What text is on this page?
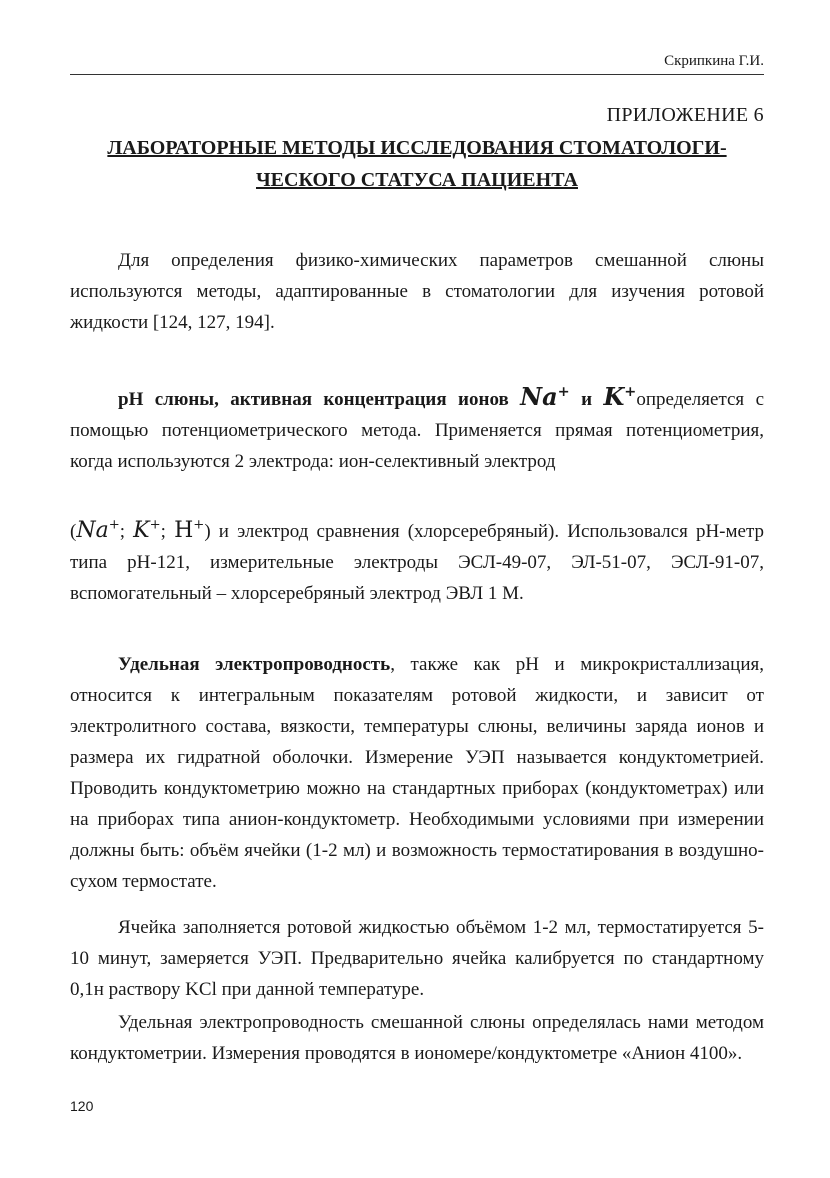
Скрипкина Г.И.
ПРИЛОЖЕНИЕ 6
ЛАБОРАТОРНЫЕ МЕТОДЫ ИССЛЕДОВАНИЯ СТОМАТОЛОГИ-
ЧЕСКОГО СТАТУСА ПАЦИЕНТА

Для определения физико-химических параметров смешанной слюны используются методы, адаптированные в стоматологии для изучения ротовой жидкости [124, 127, 194].

рН слюны, активная концентрация ионов Na+ и K+определяется с помощью потенциометрического метода. Применяется прямая потенциометрия, когда используются 2 электрода: ион-селективный электрод

(Na+; K+; H+) и электрод сравнения (хлорсеребряный). Использовался рН-метр типа рН-121, измерительные электроды ЭСЛ-49-07, ЭЛ-51-07, ЭСЛ-91-07, вспомогательный – хлорсеребряный электрод ЭВЛ 1 М.

Удельная электропроводность, также как рН и микрокристаллизация, относится к интегральным показателям ротовой жидкости, и зависит от электролитного состава, вязкости, температуры слюны, величины заряда ионов и размера их гидратной оболочки. Измерение УЭП называется кондуктометрией. Проводить кондуктометрию можно на стандартных приборах (кондуктометрах) или на приборах типа анион-кондуктометр. Необходимыми условиями при измерении должны быть: объём ячейки (1-2 мл) и возможность термостатирования в воздушно-сухом термостате.

Ячейка заполняется ротовой жидкостью объёмом 1-2 мл, термостатируется 5-10 минут, замеряется УЭП. Предварительно ячейка калибруется по стандартному 0,1н раствору KCl при данной температуре.

Удельная электропроводность смешанной слюны определялась нами методом кондуктометрии. Измерения проводятся в иономере/кондуктометре «Анион 4100».

120
